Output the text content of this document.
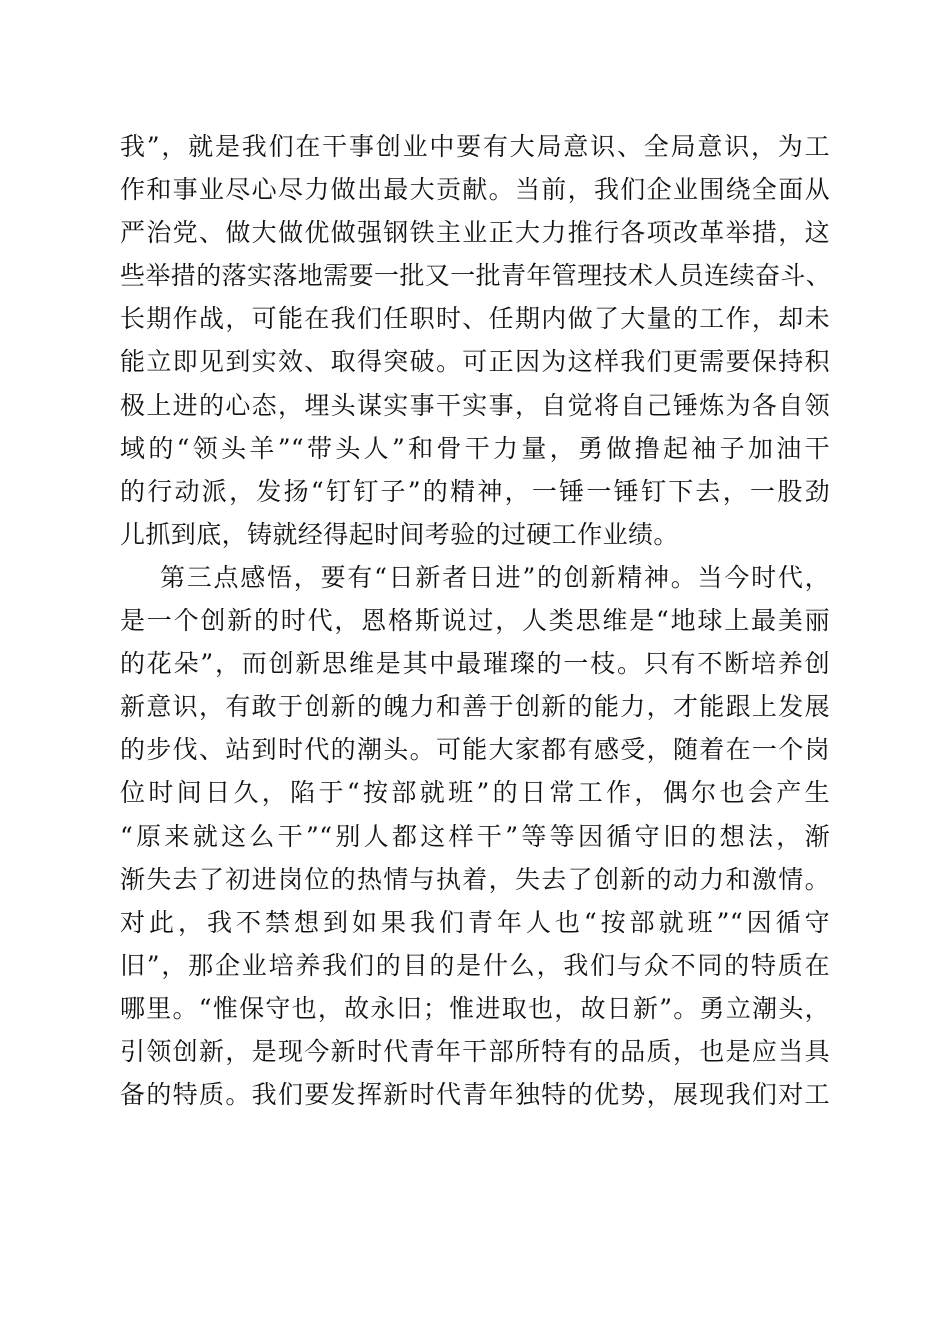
我”，就是我们在干事创业中要有大局意识、全局意识，为工
作和事业尽心尽力做出最大贡献。当前，我们企业围绕全面从
严治党、做大做优做强钢铁主业正大力推行各项改革举措，这
些举措的落实落地需要一批又一批青年管理技术人员连续奋斗、
长期作战，可能在我们任职时、任期内做了大量的工作，却未
能立即见到实效、取得突破。可正因为这样我们更需要保持积
极上进的心态，埋头谋实事干实事，自觉将自己锤炼为各自领
域的“领头羊”“带头人”和骨干力量，勇做撸起袖子加油干
的行动派，发扬“钉钉子”的精神，一锤一锤钉下去，一股劲
儿抓到底，铸就经得起时间考验的过硬工作业绩。
第三点感悟，要有“日新者日进”的创新精神。当今时代，
是一个创新的时代，恩格斯说过，人类思维是“地球上最美丽
的花朵”，而创新思维是其中最璀璨的一枝。只有不断培养创
新意识，有敢于创新的魄力和善于创新的能力，才能跟上发展
的步伐、站到时代的潮头。可能大家都有感受，随着在一个岗
位时间日久，陷于“按部就班”的日常工作，偶尔也会产生
“原来就这么干”“别人都这样干”等等因循守旧的想法，渐
渐失去了初进岗位的热情与执着，失去了创新的动力和激情。
对此，我不禁想到如果我们青年人也“按部就班”“因循守
旧”，那企业培养我们的目的是什么，我们与众不同的特质在
哪里。“惟保守也，故永旧；惟进取也，故日新”。勇立潮头，
引领创新，是现今新时代青年干部所特有的品质，也是应当具
备的特质。我们要发挥新时代青年独特的优势，展现我们对工
